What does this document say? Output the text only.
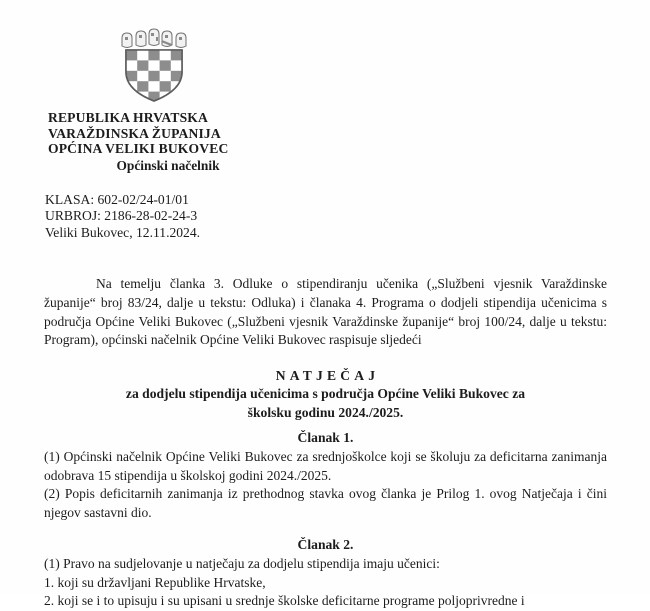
REPUBLIKA HRVATSKA
VARAŽDINSKA ŽUPANIJA
OPĆINA VELIKI BUKOVEC
Općinski načelnik
KLASA: 602-02/24-01/01
URBROJ: 2186-28-02-24-3
Veliki Bukovec, 12.11.2024.
Na temelju članka 3. Odluke o stipendiranju učenika („Službeni vjesnik Varaždinske županije“ broj 83/24, dalje u tekstu: Odluka) i članaka 4. Programa o dodjeli stipendija učenicima s područja Općine Veliki Bukovec („Službeni vjesnik Varaždinske županije“ broj 100/24, dalje u tekstu: Program), općinski načelnik Općine Veliki Bukovec raspisuje sljedeći
NATJEČAJ
za dodjelu stipendija učenicima s područja Općine Veliki Bukovec za
školsku godinu 2024./2025.
Članak 1.
(1) Općinski načelnik Općine Veliki Bukovec za srednjoškolce koji se školuju za deficitarna zanimanja odobrava 15 stipendija u školskoj godini 2024./2025.
(2) Popis deficitarnih zanimanja iz prethodnog stavka ovog članka je Prilog 1. ovog Natječaja i čini njegov sastavni dio.
Članak 2.
(1) Pravo na sudjelovanje u natječaju za dodjelu stipendija imaju učenici:
1. koji su državljani Republike Hrvatske,
2. koji se i to upisuju i su upisani u srednje školske deficitarne programe poljoprivredne i
